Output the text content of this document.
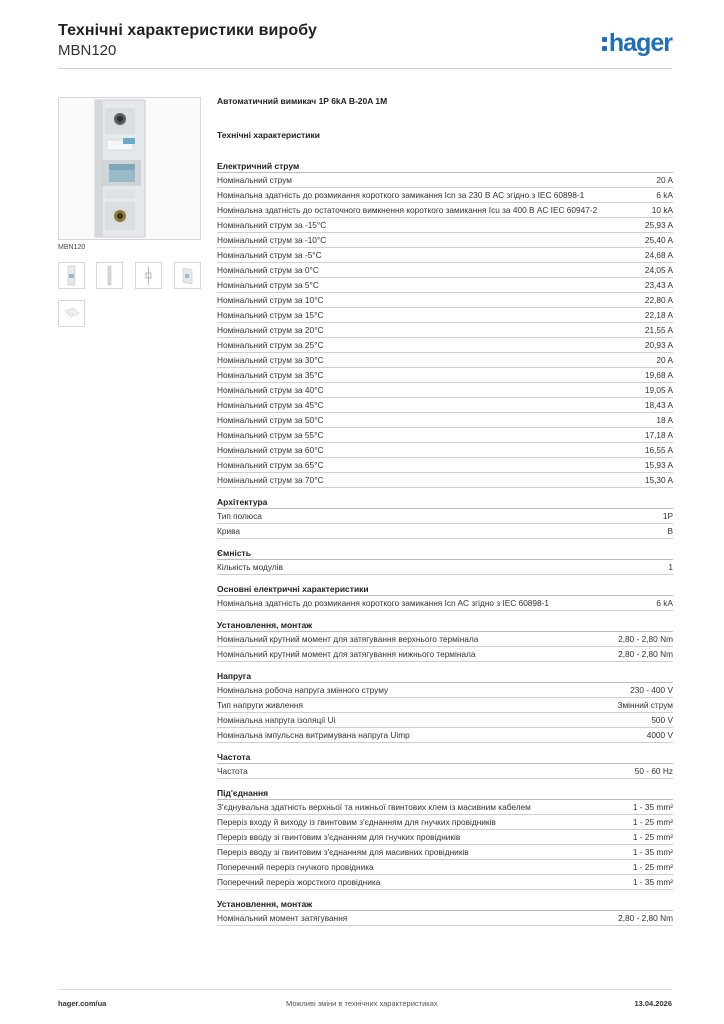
Технічні характеристики виробу
MBN120	hager
MBN120
Автоматичний вимикач 1P 6kA B-20A 1M
Технічні характеристики
Електричний струм
Номінальний струм	20 A
Номінальна здатність до розмикання короткого замикання Icn за 230 В AC згідно з IEC 60898-1	6 kA
Номінальна здатність до остаточного вимкнення короткого замикання Icu за 400 В AC IEC 60947-2	10 kA
Номінальний струм за -15°C	25,93 A
Номінальний струм за -10°C	25,40 A
Номінальний струм за -5°C	24,68 A
Номінальний струм за 0°C	24,05 A
Номінальний струм за 5°C	23,43 A
Номінальний струм за 10°C	22,80 A
Номінальний струм за 15°C	22,18 A
Номінальний струм за 20°C	21,55 A
Номінальний струм за 25°C	20,93 A
Номінальний струм за 30°C	20 A
Номінальний струм за 35°C	19,68 A
Номінальний струм за 40°C	19,05 A
Номінальний струм за 45°C	18,43 A
Номінальний струм за 50°C	18 A
Номінальний струм за 55°C	17,18 A
Номінальний струм за 60°C	16,55 A
Номінальний струм за 65°C	15,93 A
Номінальний струм за 70°C	15,30 A
Архітектура
Тип полюса	1P
Крива	B
Ємність
Кількість модулів	1
Основні електричні характеристики
Номінальна здатність до розмикання короткого замикання Icn AC згідно з IEC 60898-1	6 kA
Установлення, монтаж
Номінальний крутний момент для затягування верхнього термінала	2,80 - 2,80 Nm
Номінальний крутний момент для затягування нижнього термінала	2,80 - 2,80 Nm
Напруга
Номінальна робоча напруга змінного струму	230 - 400 V
Тип напруги живлення	Змінний струм
Номінальна напруга ізоляції Ui	500 V
Номінальна імпульсна витримувана напруга Uimp	4000 V
Частота
Частота	50 - 60 Hz
Під'єднання
З'єднувальна здатність верхньої та нижньої гвинтових клем із масивним кабелем	1 - 35 mm²
Переріз входу й виходу із гвинтовим з'єднанням для гнучких провідників	1 - 25 mm²
Переріз вводу зі гвинтовим з'єднанням для гнучких провідників	1 - 25 mm²
Переріз вводу зі гвинтовим з'єднанням для масивних провідників	1 - 35 mm²
Поперечний переріз гнучкого провідника	1 - 25 mm²
Поперечний переріз жорсткого провідника	1 - 35 mm²
Установлення, монтаж
Номінальний момент затягування	2,80 - 2,80 Nm
hager.com/ua	Можливі зміни в технічних характеристиках	13.04.2026
